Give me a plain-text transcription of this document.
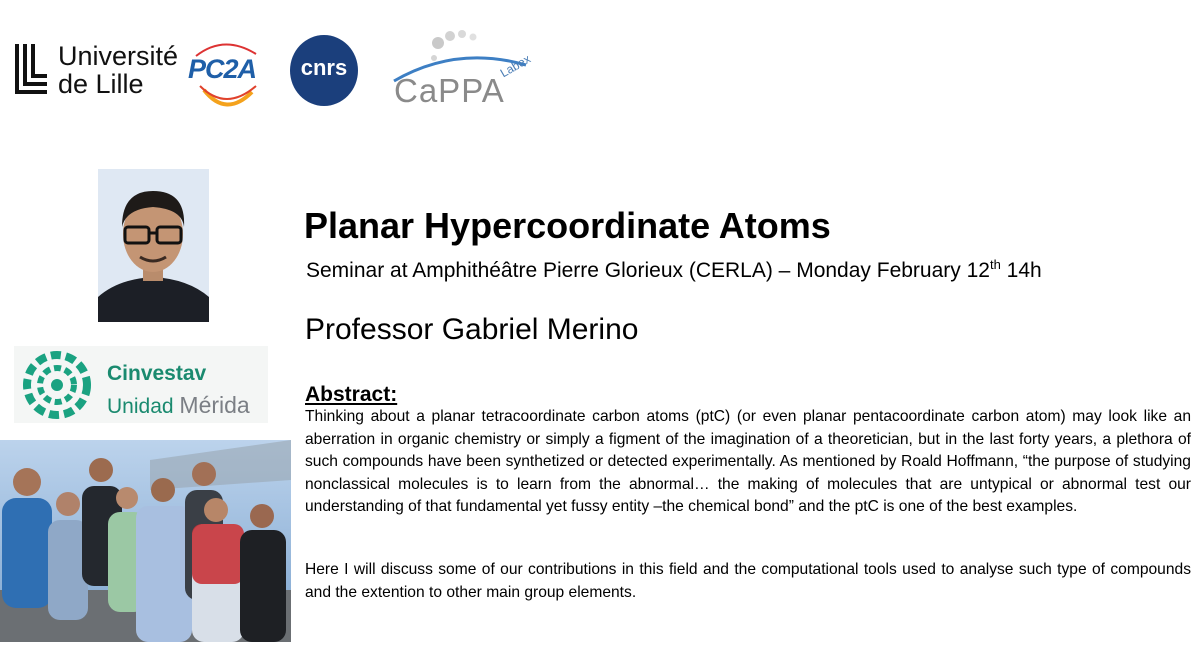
Université
de Lille	PC2A	cnrs	Labex
CaPPA
Cinvestav
Unidad Mérida
Planar Hypercoordinate Atoms
Seminar at Amphithéâtre Pierre Glorieux (CERLA) – Monday February 12th 14h
Professor Gabriel Merino
Abstract:
Thinking about a planar tetracoordinate carbon atoms (ptC) (or even planar pentacoordinate carbon atom) may look like an aberration in organic chemistry or simply a figment of the imagination of a theoretician, but in the last forty years, a plethora of such compounds have been synthetized or detected experimentally. As mentioned by Roald Hoffmann, “the purpose of studying nonclassical molecules is to learn from the abnormal… the making of molecules that are untypical or abnormal test our understanding of that fundamental yet fussy entity –the chemical bond” and the ptC is one of the best examples.
Here I will discuss some of our contributions in this field and the computational tools used to analyse such type of compounds and the extention to other main group elements.
